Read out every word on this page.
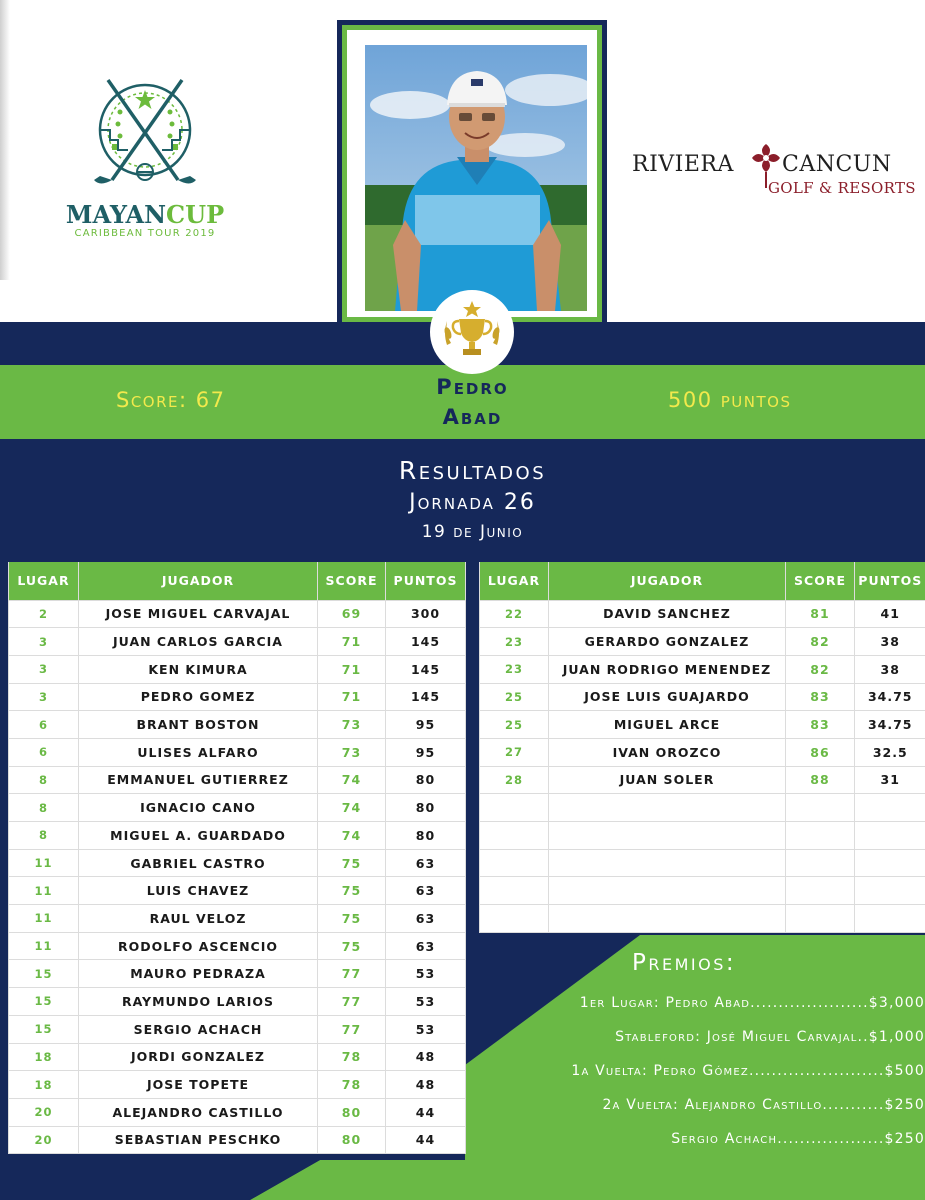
MAYANCUP
CARIBBEAN TOUR 2019
RIVIERA CANCUN
GOLF & RESORTS
Score: 67
Pedro
Abad
500 puntos
Resultados
Jornada 26
19 de Junio
LUGAR	JUGADOR	SCORE	PUNTOS
2	JOSE MIGUEL CARVAJAL	69	300
3	JUAN CARLOS GARCIA	71	145
3	KEN KIMURA	71	145
3	PEDRO GOMEZ	71	145
6	BRANT BOSTON	73	95
6	ULISES ALFARO	73	95
8	EMMANUEL GUTIERREZ	74	80
8	IGNACIO CANO	74	80
8	MIGUEL A. GUARDADO	74	80
11	GABRIEL CASTRO	75	63
11	LUIS CHAVEZ	75	63
11	RAUL VELOZ	75	63
11	RODOLFO ASCENCIO	75	63
15	MAURO PEDRAZA	77	53
15	RAYMUNDO LARIOS	77	53
15	SERGIO ACHACH	77	53
18	JORDI GONZALEZ	78	48
18	JOSE TOPETE	78	48
20	ALEJANDRO CASTILLO	80	44
20	SEBASTIAN PESCHKO	80	44
LUGAR	JUGADOR	SCORE	PUNTOS
22	DAVID SANCHEZ	81	41
23	GERARDO GONZALEZ	82	38
23	JUAN RODRIGO MENENDEZ	82	38
25	JOSE LUIS GUAJARDO	83	34.75
25	MIGUEL ARCE	83	34.75
27	IVAN OROZCO	86	32.5
28	JUAN SOLER	88	31

Premios:
1er Lugar: Pedro Abad.....................$3,000
Stableford: José Miguel Carvajal..$1,000
1a Vuelta: Pedro Gómez........................$500
2a Vuelta: Alejandro Castillo...........$250
Sergio Achach...................$250
